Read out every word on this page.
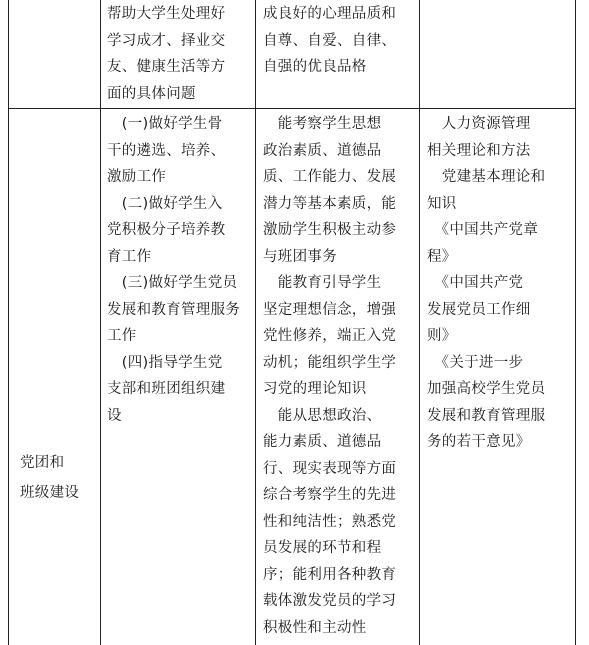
帮助大学生处理好
学习成才、择业交
友、健康生活等方
面的具体问题
成良好的心理品质和
自尊、自爱、自律、
自强的优良品格
党团和
班级建设
　(一)做好学生骨
干的遴选、培养、
激励工作
　(二)做好学生入
党积极分子培养教
育工作
　(三)做好学生党员
发展和教育管理服务
工作
　(四)指导学生党
支部和班团组织建
设
　能考察学生思想
政治素质、道德品
质、工作能力、发展
潜力等基本素质，能
激励学生积极主动参
与班团事务
　能教育引导学生
坚定理想信念，增强
党性修养，端正入党
动机；能组织学生学
习党的理论知识
　能从思想政治、
能力素质、道德品
行、现实表现等方面
综合考察学生的先进
性和纯洁性；熟悉党
员发展的环节和程
序；能利用各种教育
载体激发党员的学习
积极性和主动性
　人力资源管理
相关理论和方法
　党建基本理论和
知识
　《中国共产党章
程》
　《中国共产党
发展党员工作细
则》
　《关于进一步
加强高校学生党员
发展和教育管理服
务的若干意见》
